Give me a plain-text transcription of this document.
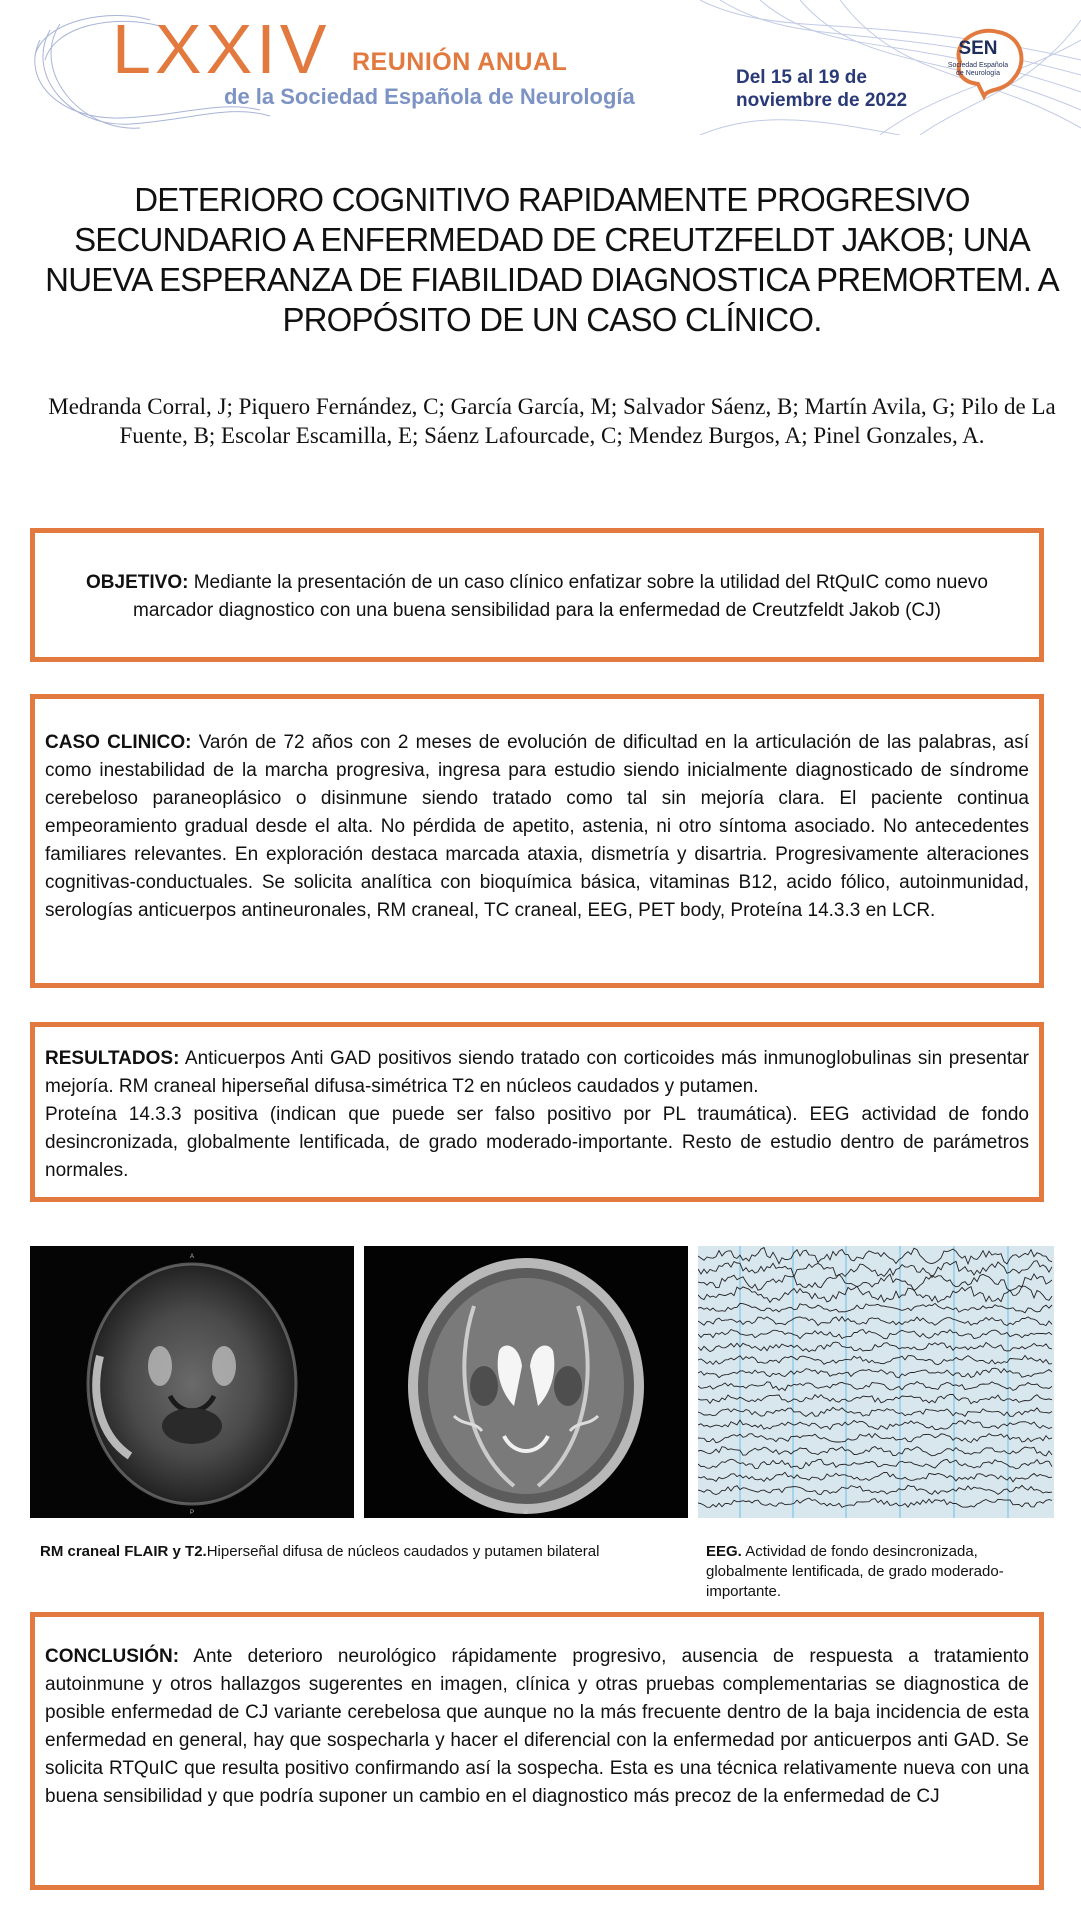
LXXIV REUNIÓN ANUAL
de la Sociedad Española de Neurología
Del 15 al 19 de
noviembre de 2022
SEN
Sociedad Española
de Neurología
DETERIORO COGNITIVO RAPIDAMENTE PROGRESIVO SECUNDARIO A ENFERMEDAD DE CREUTZFELDT JAKOB; UNA NUEVA ESPERANZA DE FIABILIDAD DIAGNOSTICA PREMORTEM. A PROPÓSITO DE UN CASO CLÍNICO.
Medranda Corral, J; Piquero Fernández, C; García García, M; Salvador Sáenz, B; Martín Avila, G; Pilo de La Fuente, B; Escolar Escamilla, E; Sáenz Lafourcade, C; Mendez Burgos, A; Pinel Gonzales, A.

OBJETIVO: Mediante la presentación de un caso clínico enfatizar sobre la utilidad del RtQuIC como nuevo marcador diagnostico con una buena sensibilidad para la enfermedad de Creutzfeldt Jakob (CJ)

CASO CLINICO: Varón de 72 años con 2 meses de evolución de dificultad en la articulación de las palabras, así como inestabilidad de la marcha progresiva, ingresa para estudio siendo inicialmente diagnosticado de síndrome cerebeloso paraneoplásico o disinmune siendo tratado como tal sin mejoría clara. El paciente continua empeoramiento gradual desde el alta. No pérdida de apetito, astenia, ni otro síntoma asociado. No antecedentes familiares relevantes. En exploración destaca marcada ataxia, dismetría y disartria. Progresivamente alteraciones cognitivas-conductuales. Se solicita analítica con bioquímica básica, vitaminas B12, acido fólico, autoinmunidad, serologías anticuerpos antineuronales, RM craneal, TC craneal, EEG, PET body, Proteína 14.3.3 en LCR.

RESULTADOS: Anticuerpos Anti GAD positivos siendo tratado con corticoides más inmunoglobulinas sin presentar mejoría. RM craneal hiperseñal difusa-simétrica T2 en núcleos caudados y putamen.

Proteína 14.3.3 positiva (indican que puede ser falso positivo por PL traumática). EEG actividad de fondo desincronizada, globalmente lentificada, de grado moderado-importante. Resto de estudio dentro de parámetros normales.

A
P	P
RM craneal FLAIR y T2.Hiperseñal difusa de núcleos caudados y putamen bilateral	EEG. Actividad de fondo desincronizada, globalmente lentificada, de grado moderado-importante.

CONCLUSIÓN: Ante deterioro neurológico rápidamente progresivo, ausencia de respuesta a tratamiento autoinmune y otros hallazgos sugerentes en imagen, clínica y otras pruebas complementarias se diagnostica de posible enfermedad de CJ variante cerebelosa que aunque no la más frecuente dentro de la baja incidencia de esta enfermedad en general, hay que sospecharla y hacer el diferencial con la enfermedad por anticuerpos anti GAD. Se solicita RTQuIC que resulta positivo confirmando así la sospecha. Esta es una técnica relativamente nueva con una buena sensibilidad y que podría suponer un cambio en el diagnostico más precoz de la enfermedad de CJ
